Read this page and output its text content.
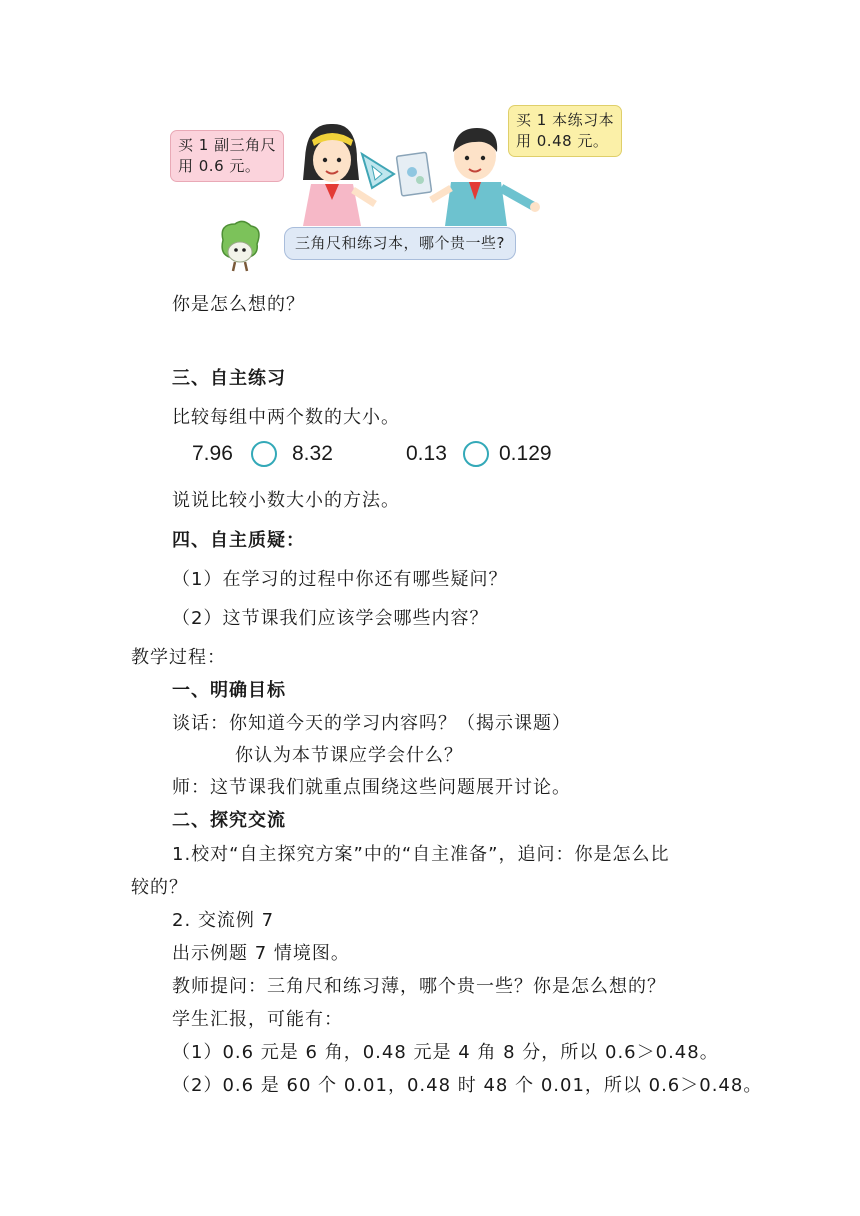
买 1 副三角尺
用 0.6 元。
买 1 本练习本
用 0.48 元。
三角尺和练习本，哪个贵一些?
你是怎么想的？
三、自主练习
比较每组中两个数的大小。
7.96	8.32	0.13 0.129
说说比较小数大小的方法。
四、自主质疑：
（1）在学习的过程中你还有哪些疑问？
（2）这节课我们应该学会哪些内容？
教学过程：
一、明确目标
谈话：你知道今天的学习内容吗？（揭示课题）
你认为本节课应学会什么？
师：这节课我们就重点围绕这些问题展开讨论。
二、探究交流
1.校对“自主探究方案”中的“自主准备”，追问：你是怎么比
较的？
2. 交流例 7
出示例题 7 情境图。
教师提问：三角尺和练习薄，哪个贵一些？你是怎么想的？
学生汇报，可能有：
（1）0.6 元是 6 角，0.48 元是 4 角 8 分，所以 0.6＞0.48。
（2）0.6 是 60 个 0.01，0.48 时 48 个 0.01，所以 0.6＞0.48。
